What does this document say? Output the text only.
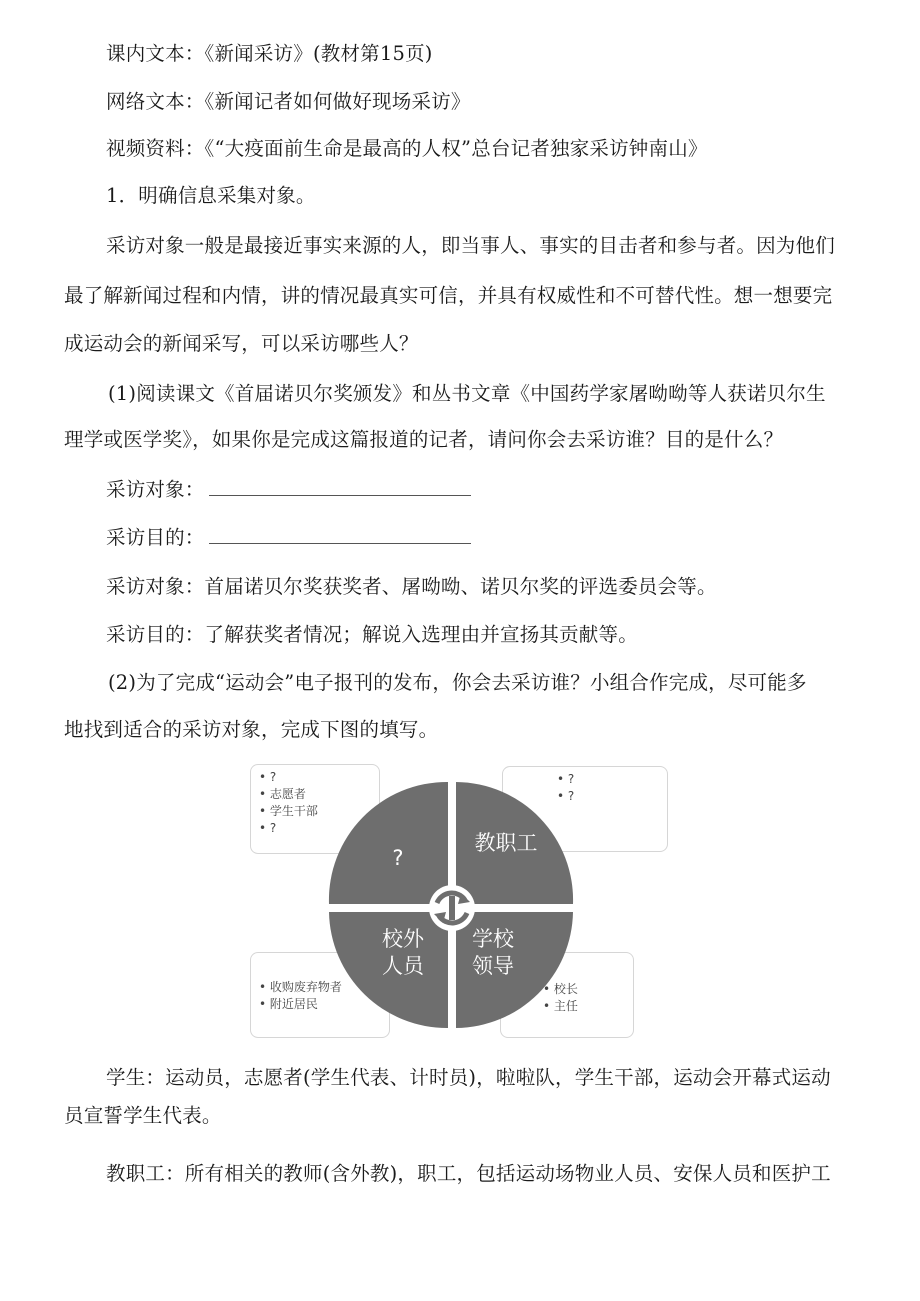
课内文本：《新闻采访》(教材第15页)
网络文本：《新闻记者如何做好现场采访》
视频资料：《“大疫面前生命是最高的人权”总台记者独家采访钟南山》
1．明确信息采集对象。
采访对象一般是最接近事实来源的人，即当事人、事实的目击者和参与者。因为他们
最了解新闻过程和内情，讲的情况最真实可信，并具有权威性和不可替代性。想一想要完
成运动会的新闻采写，可以采访哪些人？
(1)阅读课文《首届诺贝尔奖颁发》和丛书文章《中国药学家屠呦呦等人获诺贝尔生
理学或医学奖》，如果你是完成这篇报道的记者，请问你会去采访谁？目的是什么？
采访对象：
采访目的：
采访对象：首届诺贝尔奖获奖者、屠呦呦、诺贝尔奖的评选委员会等。
采访目的：了解获奖者情况；解说入选理由并宣扬其贡献等。
(2)为了完成“运动会”电子报刊的发布，你会去采访谁？小组合作完成，尽可能多
地找到适合的采访对象，完成下图的填写。
• ?
• 志愿者
• 学生干部
• ?
• ?
• ?
• 收购废弃物者
• 附近居民
• 校长
• 主任
?
教职工
校外
人员
学校
领导
学生：运动员，志愿者(学生代表、计时员)，啦啦队，学生干部，运动会开幕式运动
员宣誓学生代表。
教职工：所有相关的教师(含外教)，职工，包括运动场物业人员、安保人员和医护工
